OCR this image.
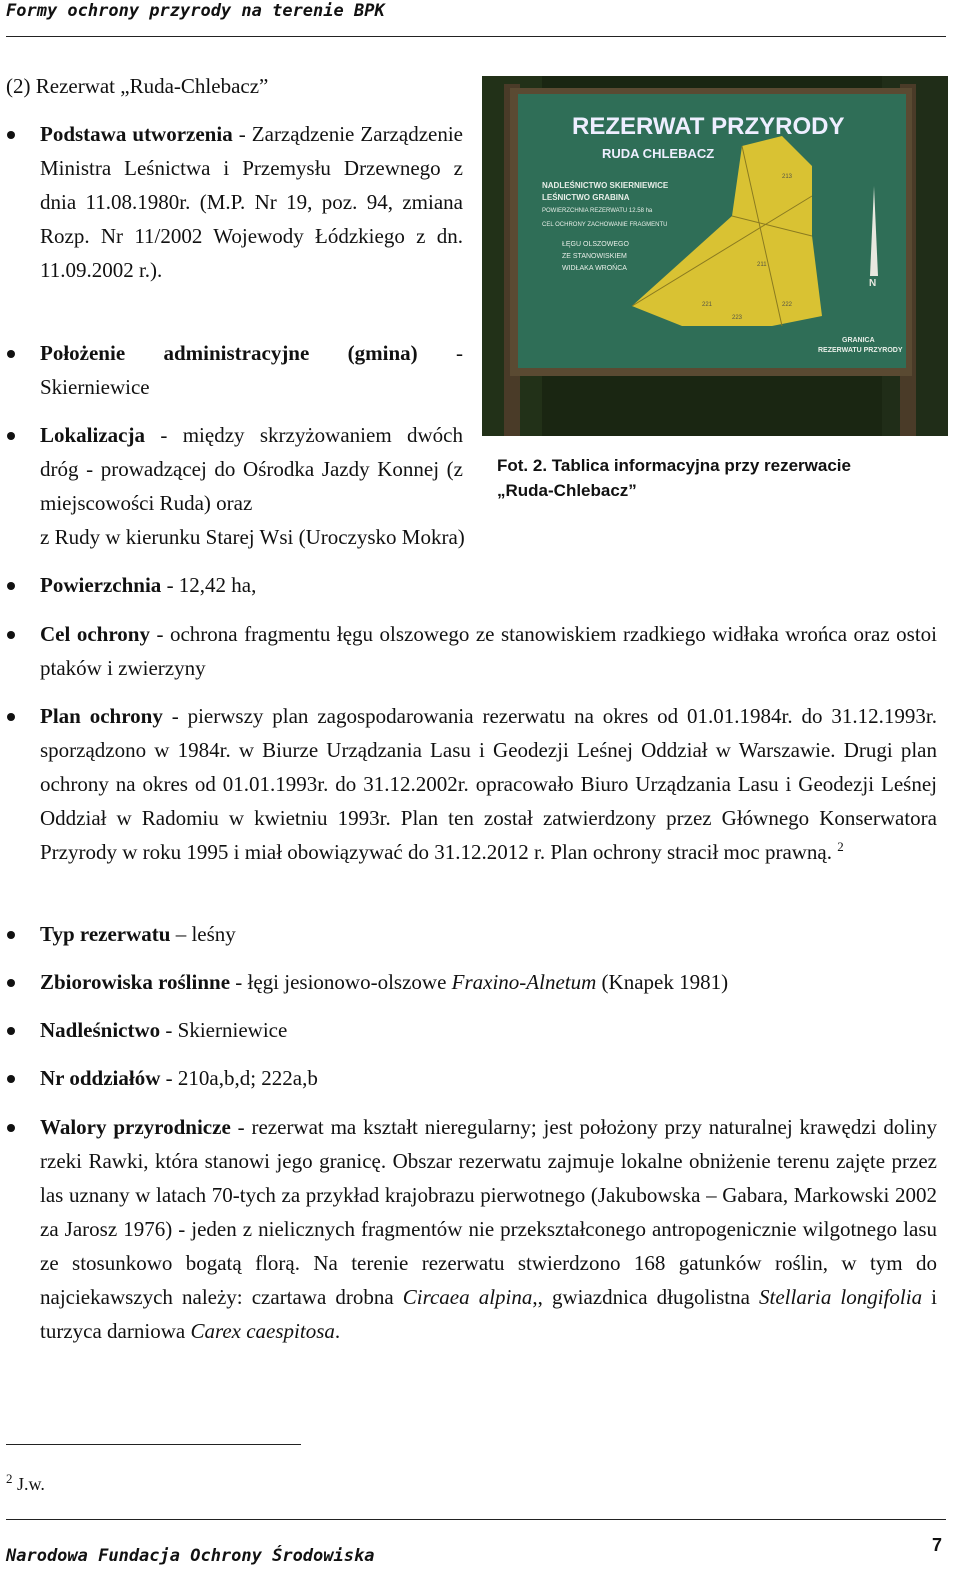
Formy ochrony przyrody na terenie BPK
(2) Rezerwat „Ruda-Chlebacz”
Podstawa utworzenia - Zarządzenie Zarządzenie Ministra Leśnictwa i Przemysłu Drzewnego z dnia 11.08.1980r. (M.P. Nr 19, poz. 94, zmiana Rozp. Nr 11/2002 Wojewody Łódzkiego z dn. 11.09.2002 r.).
Położenie administracyjne (gmina) - Skierniewice
Lokalizacja - między skrzyżowaniem dwóch dróg - prowadzącej do Ośrodka Jazdy Konnej (z miejscowości Ruda) oraz
z Rudy w kierunku Starej Wsi (Uroczysko Mokra)
Powierzchnia - 12,42 ha,
Cel ochrony - ochrona fragmentu łęgu olszowego ze stanowiskiem rzadkiego widłaka wrońca oraz ostoi ptaków i zwierzyny
Plan ochrony - pierwszy plan zagospodarowania rezerwatu na okres od 01.01.1984r. do 31.12.1993r. sporządzono w 1984r. w Biurze Urządzania Lasu i Geodezji Leśnej Oddział w Warszawie. Drugi plan ochrony na okres od 01.01.1993r. do 31.12.2002r. opracowało Biuro Urządzania Lasu i Geodezji Leśnej Oddział w Radomiu w kwietniu 1993r. Plan ten został zatwierdzony przez Głównego Konserwatora Przyrody w roku 1995 i miał obowiązywać do 31.12.2012 r. Plan ochrony stracił moc prawną. $^2$
Typ rezerwatu – leśny
Zbiorowiska roślinne - łęgi jesionowo-olszowe Fraxino-Alnetum (Knapek 1981)
Nadleśnictwo - Skierniewice
Nr oddziałów - 210a,b,d; 222a,b
Walory przyrodnicze - rezerwat ma kształt nieregularny; jest położony przy naturalnej krawędzi doliny rzeki Rawki, która stanowi jego granicę. Obszar rezerwatu zajmuje lokalne obniżenie terenu zajęte przez las uznany w latach 70-tych za przykład krajobrazu pierwotnego (Jakubowska – Gabara, Markowski 2002 za Jarosz 1976) - jeden z nielicznych fragmentów nie przekształconego antropogenicznie wilgotnego lasu ze stosunkowo bogatą florą. Na terenie rezerwatu stwierdzono 168 gatunków roślin, w tym do najciekawszych należy: czartawa drobna Circaea alpina,, gwiazdnica długolistna Stellaria longifolia i turzyca darniowa Carex caespitosa.
REZERWAT PRZYRODY
RUDA CHLEBACZ
NADLEŚNICTWO SKIERNIEWICE
LEŚNICTWO GRABINA
POWIERZCHNIA REZERWATU 12.58 ha
CEL OCHRONY ZACHOWANIE FRAGMENTU
ŁĘGU OLSZOWEGO
ZE STANOWISKIEM
WIDŁAKA WROŃCA
213
211
222
221
223
N
GRANICA
REZERWATU PRZYRODY
Fot. 2. Tablica informacyjna przy rezerwacie
„Ruda-Chlebacz”
$^2$ J.w.
Narodowa Fundacja Ochrony Środowiska
7
